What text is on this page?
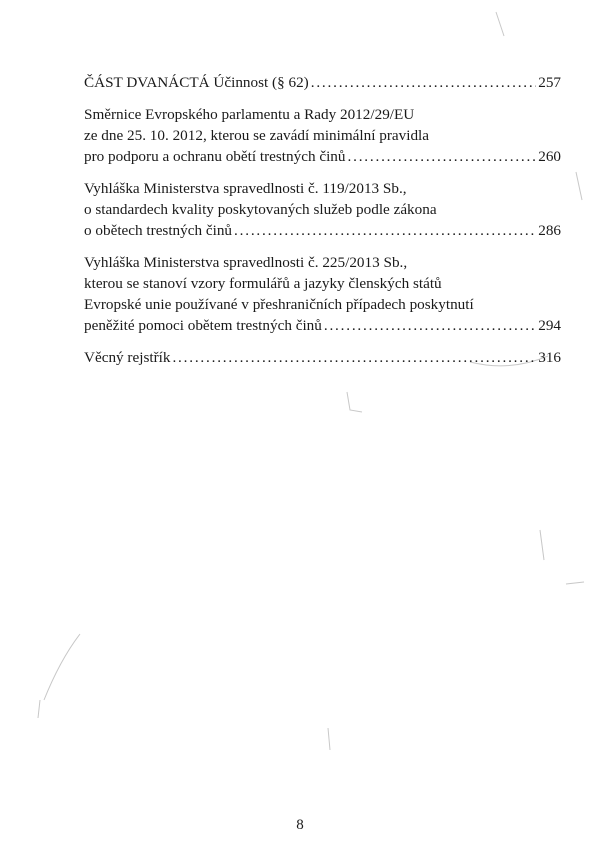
ČÁST DVANÁCTÁ Účinnost (§ 62) . . .	257
Směrnice Evropského parlamentu a Rady 2012/29/EU
ze dne 25. 10. 2012, kterou se zavádí minimální pravidla
pro podporu a ochranu obětí trestných činů . . .	260
Vyhláška Ministerstva spravedlnosti č. 119/2013 Sb.,
o standardech kvality poskytovaných služeb podle zákona
o obětech trestných činů . . .	286
Vyhláška Ministerstva spravedlnosti č. 225/2013 Sb.,
kterou se stanoví vzory formulářů a jazyky členských států
Evropské unie používané v přeshraničních případech poskytnutí
peněžité pomoci obětem trestných činů . . .	294
Věcný rejstřík . . .	316
8
